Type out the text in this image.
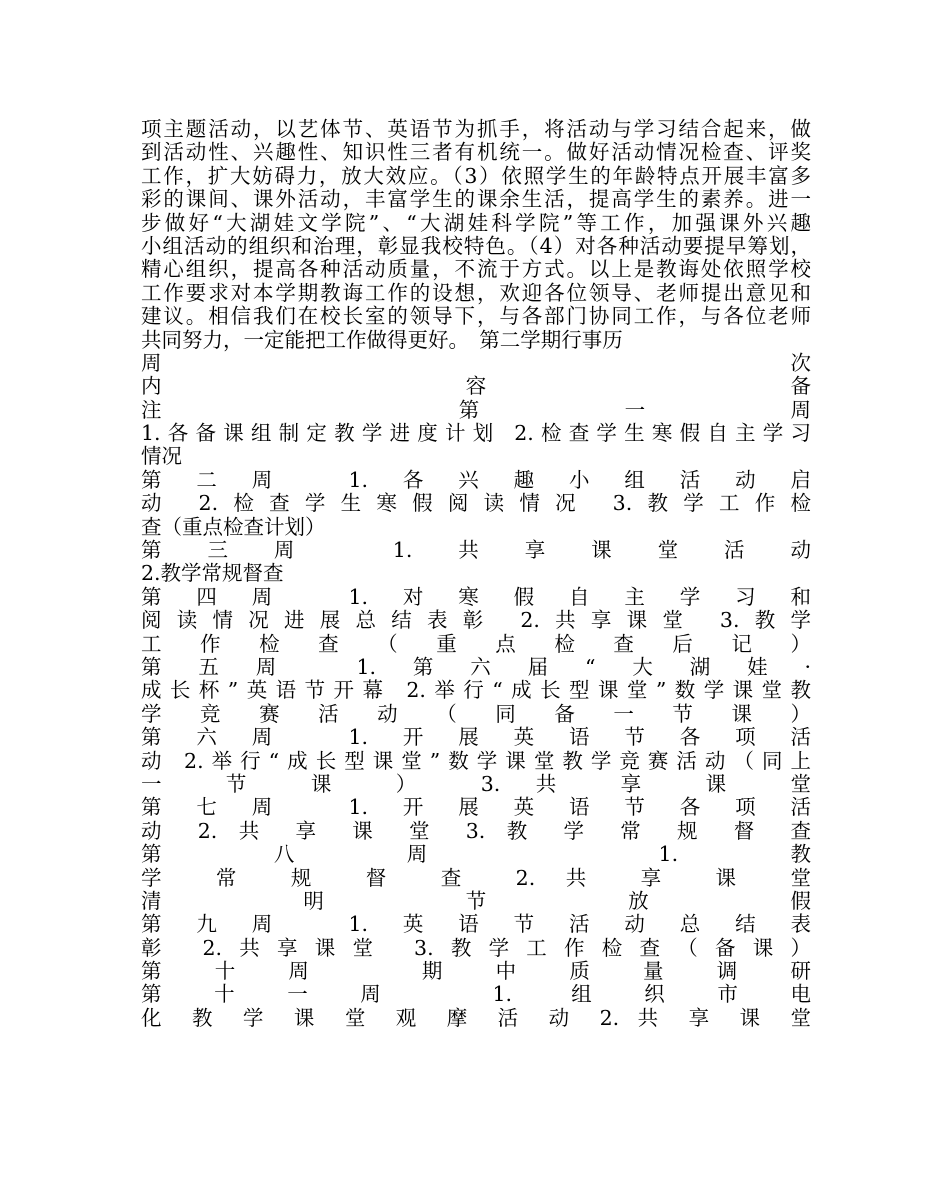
项主题活动，以艺体节、英语节为抓手，将活动与学习结合起来，做
到活动性、兴趣性、知识性三者有机统一。做好活动情况检查、评奖
工作，扩大妨碍力，放大效应。（3）依照学生的年龄特点开展丰富多
彩的课间、课外活动，丰富学生的课余生活，提高学生的素养。进一
步做好“大湖娃文学院”、“大湖娃科学院”等工作，加强课外兴趣
小组活动的组织和治理，彰显我校特色。（4）对各种活动要提早筹划，
精心组织，提高各种活动质量，不流于方式。以上是教诲处依照学校
工作要求对本学期教诲工作的设想，欢迎各位领导、老师提出意见和
建议。相信我们在校长室的领导下，与各部门协同工作，与各位老师
共同努力，一定能把工作做得更好。　第二学期行事历
周 次
内 容 备
注 第一周
1.各备课组制定教学进度计划 2.检查学生寒假自主学习
情况
第二周 1.各兴趣小组活动启
动 2.检查学生寒假阅读情况 3.教学工作检
查（重点检查计划）
第三周 1.共享课堂活动
2.教学常规督查
第四周 1.对寒假自主学习和
阅读情况进展总结表彰 2.共享课堂 3.教学
工 作 检 查 （ 重 点 检 查 后 记 ）
第五周 1.第六届“大湖娃·
成长杯”英语节开幕 2.举行“成长型课堂”数学课堂教
学 竞 赛 活 动 （ 同 备 一 节 课 ）
第六周 1.开展英语节各项活
动 2.举行“成长型课堂”数学课堂教学竞赛活动（同上
一 节 课 ） 3. 共 享 课 堂
第七周 1.开展英语节各项活
动 2. 共 享 课 堂 3. 教 学 常 规 督 查
第八周 1.教
学 常 规 督 查 2. 共 享 课 堂
清 明 节 放 假
第九周 1.英语节活动总结表
彰 2.共享课堂 3.教学工作检查（备课）
第十周 期中质量调研
第十一周 1. 组织市电
化 教 学 课 堂 观 摩 活 动 2. 共 享 课 堂
